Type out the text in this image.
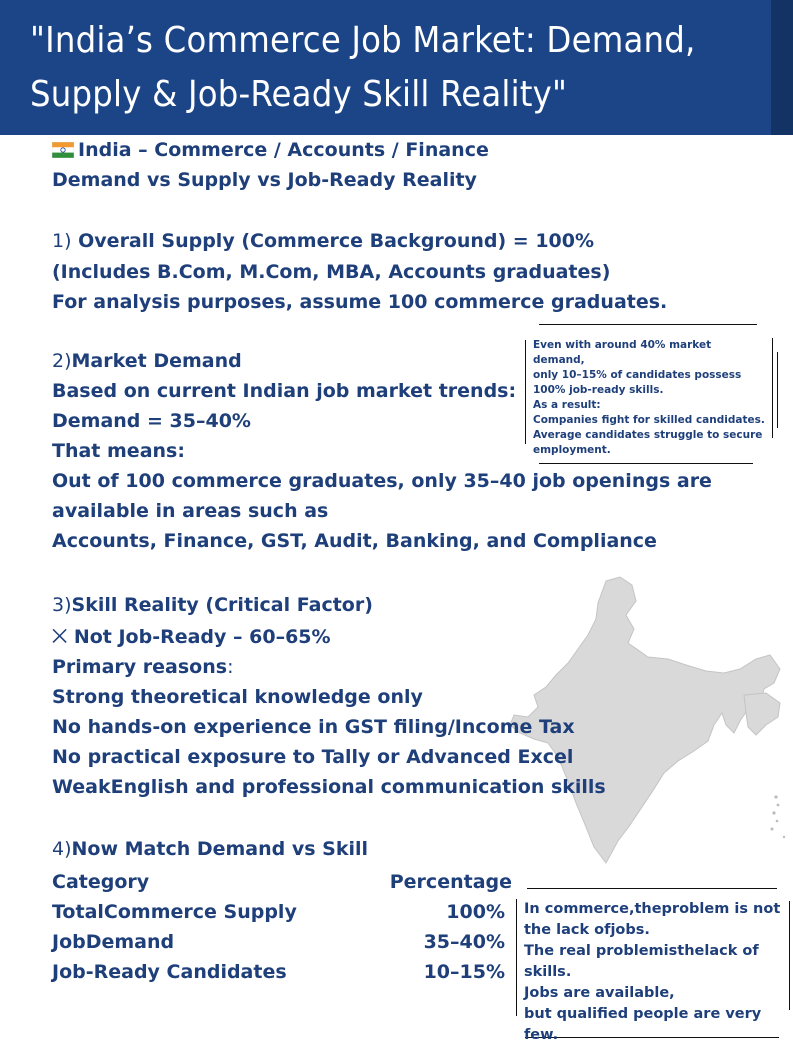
"India’s Commerce Job Market: Demand, Supply & Job-Ready Skill Reality"

India – Commerce / Accounts / Finance

Demand vs Supply vs Job-Ready Reality

1) Overall Supply (Commerce Background) = 100%

(Includes B.Com, M.Com, MBA, Accounts graduates)

For analysis purposes, assume 100 commerce graduates.

2)Market Demand

Based on current Indian job market trends:

Demand = 35–40%

That means:

Out of 100 commerce graduates, only 35–40 job openings are

available in areas such as

Accounts, Finance, GST, Audit, Banking, and Compliance

3)Skill Reality (Critical Factor)

⨉ Not Job-Ready – 60–65%

Primary reasons:

Strong theoretical knowledge only

No hands-on experience in GST filing/Income Tax

No practical exposure to Tally or Advanced Excel

WeakEnglish and professional communication skills

4)Now Match Demand vs Skill

Category	Percentage

TotalCommerce Supply	100%

JobDemand	35–40%

Job-Ready Candidates	10–15%

Even with around 40% market demand,
only 10–15% of candidates possess
100% job-ready skills.
As a result:
Companies fight for skilled candidates.
Average candidates struggle to secure
employment.

In commerce,theproblem is not
the lack ofjobs.
The real problemisthelack of
skills.
Jobs are available,
but qualified people are very few.
